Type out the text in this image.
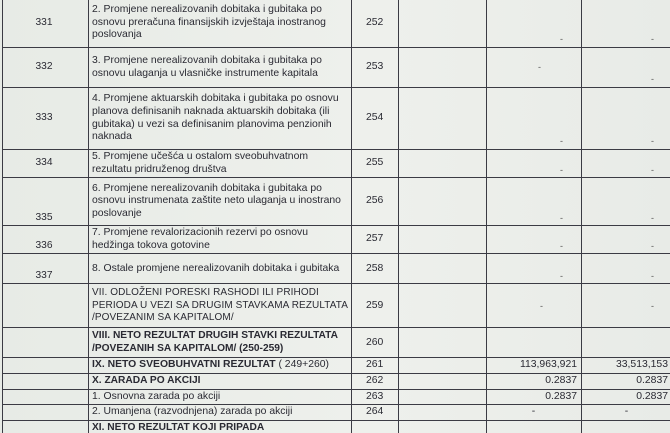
331	2. Promjene nerealizovanih dobitaka i gubitaka po osnovu preračuna finansijskih izvještaja inostranog poslovanja	252		-	-
332	3. Promjene nerealizovanih dobitaka i gubitaka po osnovu ulaganja u vlasničke instrumente kapitala	253		-	-
333	4. Promjene aktuarskih dobitaka i gubitaka po osnovu planova definisanih naknada aktuarskih dobitaka (ili gubitaka) u vezi sa definisanim planovima penzionih naknada	254		-	-
334	5. Promjene učešća u ostalom sveobuhvatnom rezultatu pridruženog društva	255		-	-
335	6. Promjene nerealizovanih dobitaka i gubitaka po osnovu instrumenata zaštite neto ulaganja u inostrano poslovanje	256		-	-
336	7. Promjene revalorizacionih rezervi po osnovu hedžinga tokova gotovine	257		-	-
337	8. Ostale promjene nerealizovanih dobitaka i gubitaka	258		-	-
	VII. ODLOŽENI PORESKI RASHODI ILI PRIHODI PERIODA U VEZI SA DRUGIM STAVKAMA REZULTATA /POVEZANIM SA KAPITALOM/	259		-	-
	VIII. NETO REZULTAT DRUGIH STAVKI REZULTATA /POVEZANIH SA KAPITALOM/ (250-259)	260			
	IX. NETO SVEOBUHVATNI REZULTAT ( 249+260)	261		113,963,921	33,513,153
	X. ZARADA PO AKCIJI	262		0.2837	0.2837
	1. Osnovna zarada po akciji	263		0.2837	0.2837
	2. Umanjena (razvodnjena) zarada po akciji	264		-	-
	XI. NETO REZULTAT KOJI PRIPADA				
